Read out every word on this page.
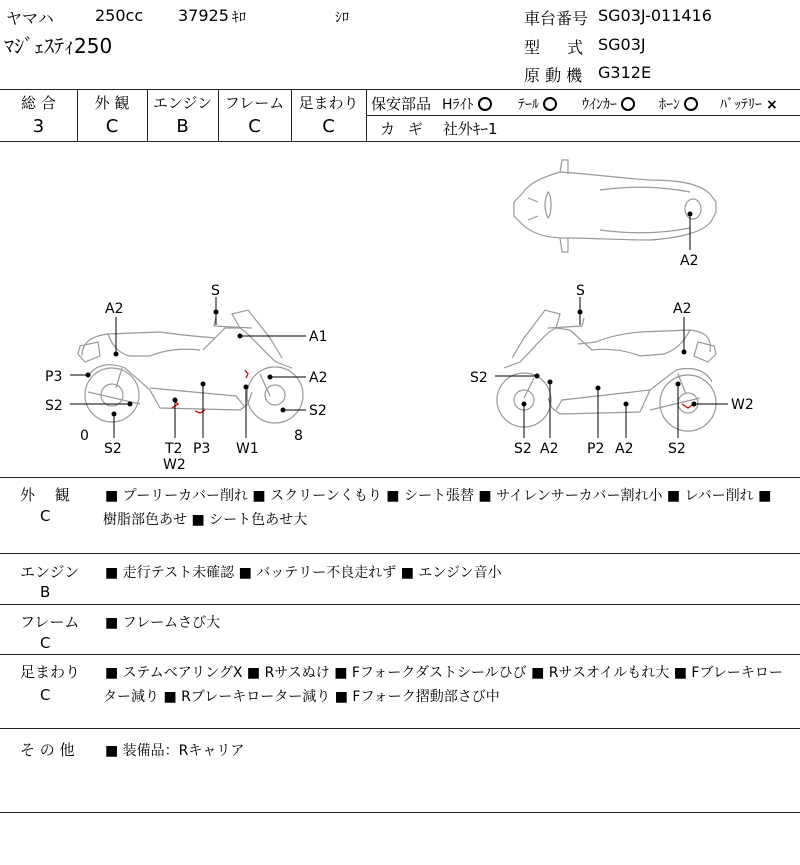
ヤマハ	250cc 37925 ｷﾛ	ｼﾛ
ﾏｼﾞｪｽﾃｨ250
車台番号 SG03J-011416
型　 式 SG03J
原 動 機 G312E
総 合	外 観	エンジン フレーム 足まわり
3	C	B	C	C
保安部品 Hﾗｲﾄ	ﾃｰﾙ	ｳｲﾝｶｰ	ﾎｰﾝ	ﾊﾞｯﾃﾘｰ ×
カ ギ 社外ｷｰ1
A2
S
A1
P3	A2
S2	S2
0
S2	T2
W2
P3 W1
8
S
A2
S2
W2
S2 A2 P2 A2 S2
A2
外　 観
C
■ プーリーカバー削れ ■ スクリーンくもり ■ シート張替 ■ サイレンサーカバー割れ小 ■ レバー削れ ■
樹脂部色あせ ■ シート色あせ大
エンジン
B
■ 走行テスト未確認 ■ バッテリー不良走れず ■ エンジン音小
フレーム
C
■ フレームさび大
足まわり
C
■ ステムベアリングX ■ Rサスぬけ ■ Fフォークダストシールひび ■ Rサスオイルもれ大 ■ Fブレーキロー
ター減り ■ Rブレーキローター減り ■ Fフォーク摺動部さび中
そ の 他 ■ 装備品：Rキャリア
